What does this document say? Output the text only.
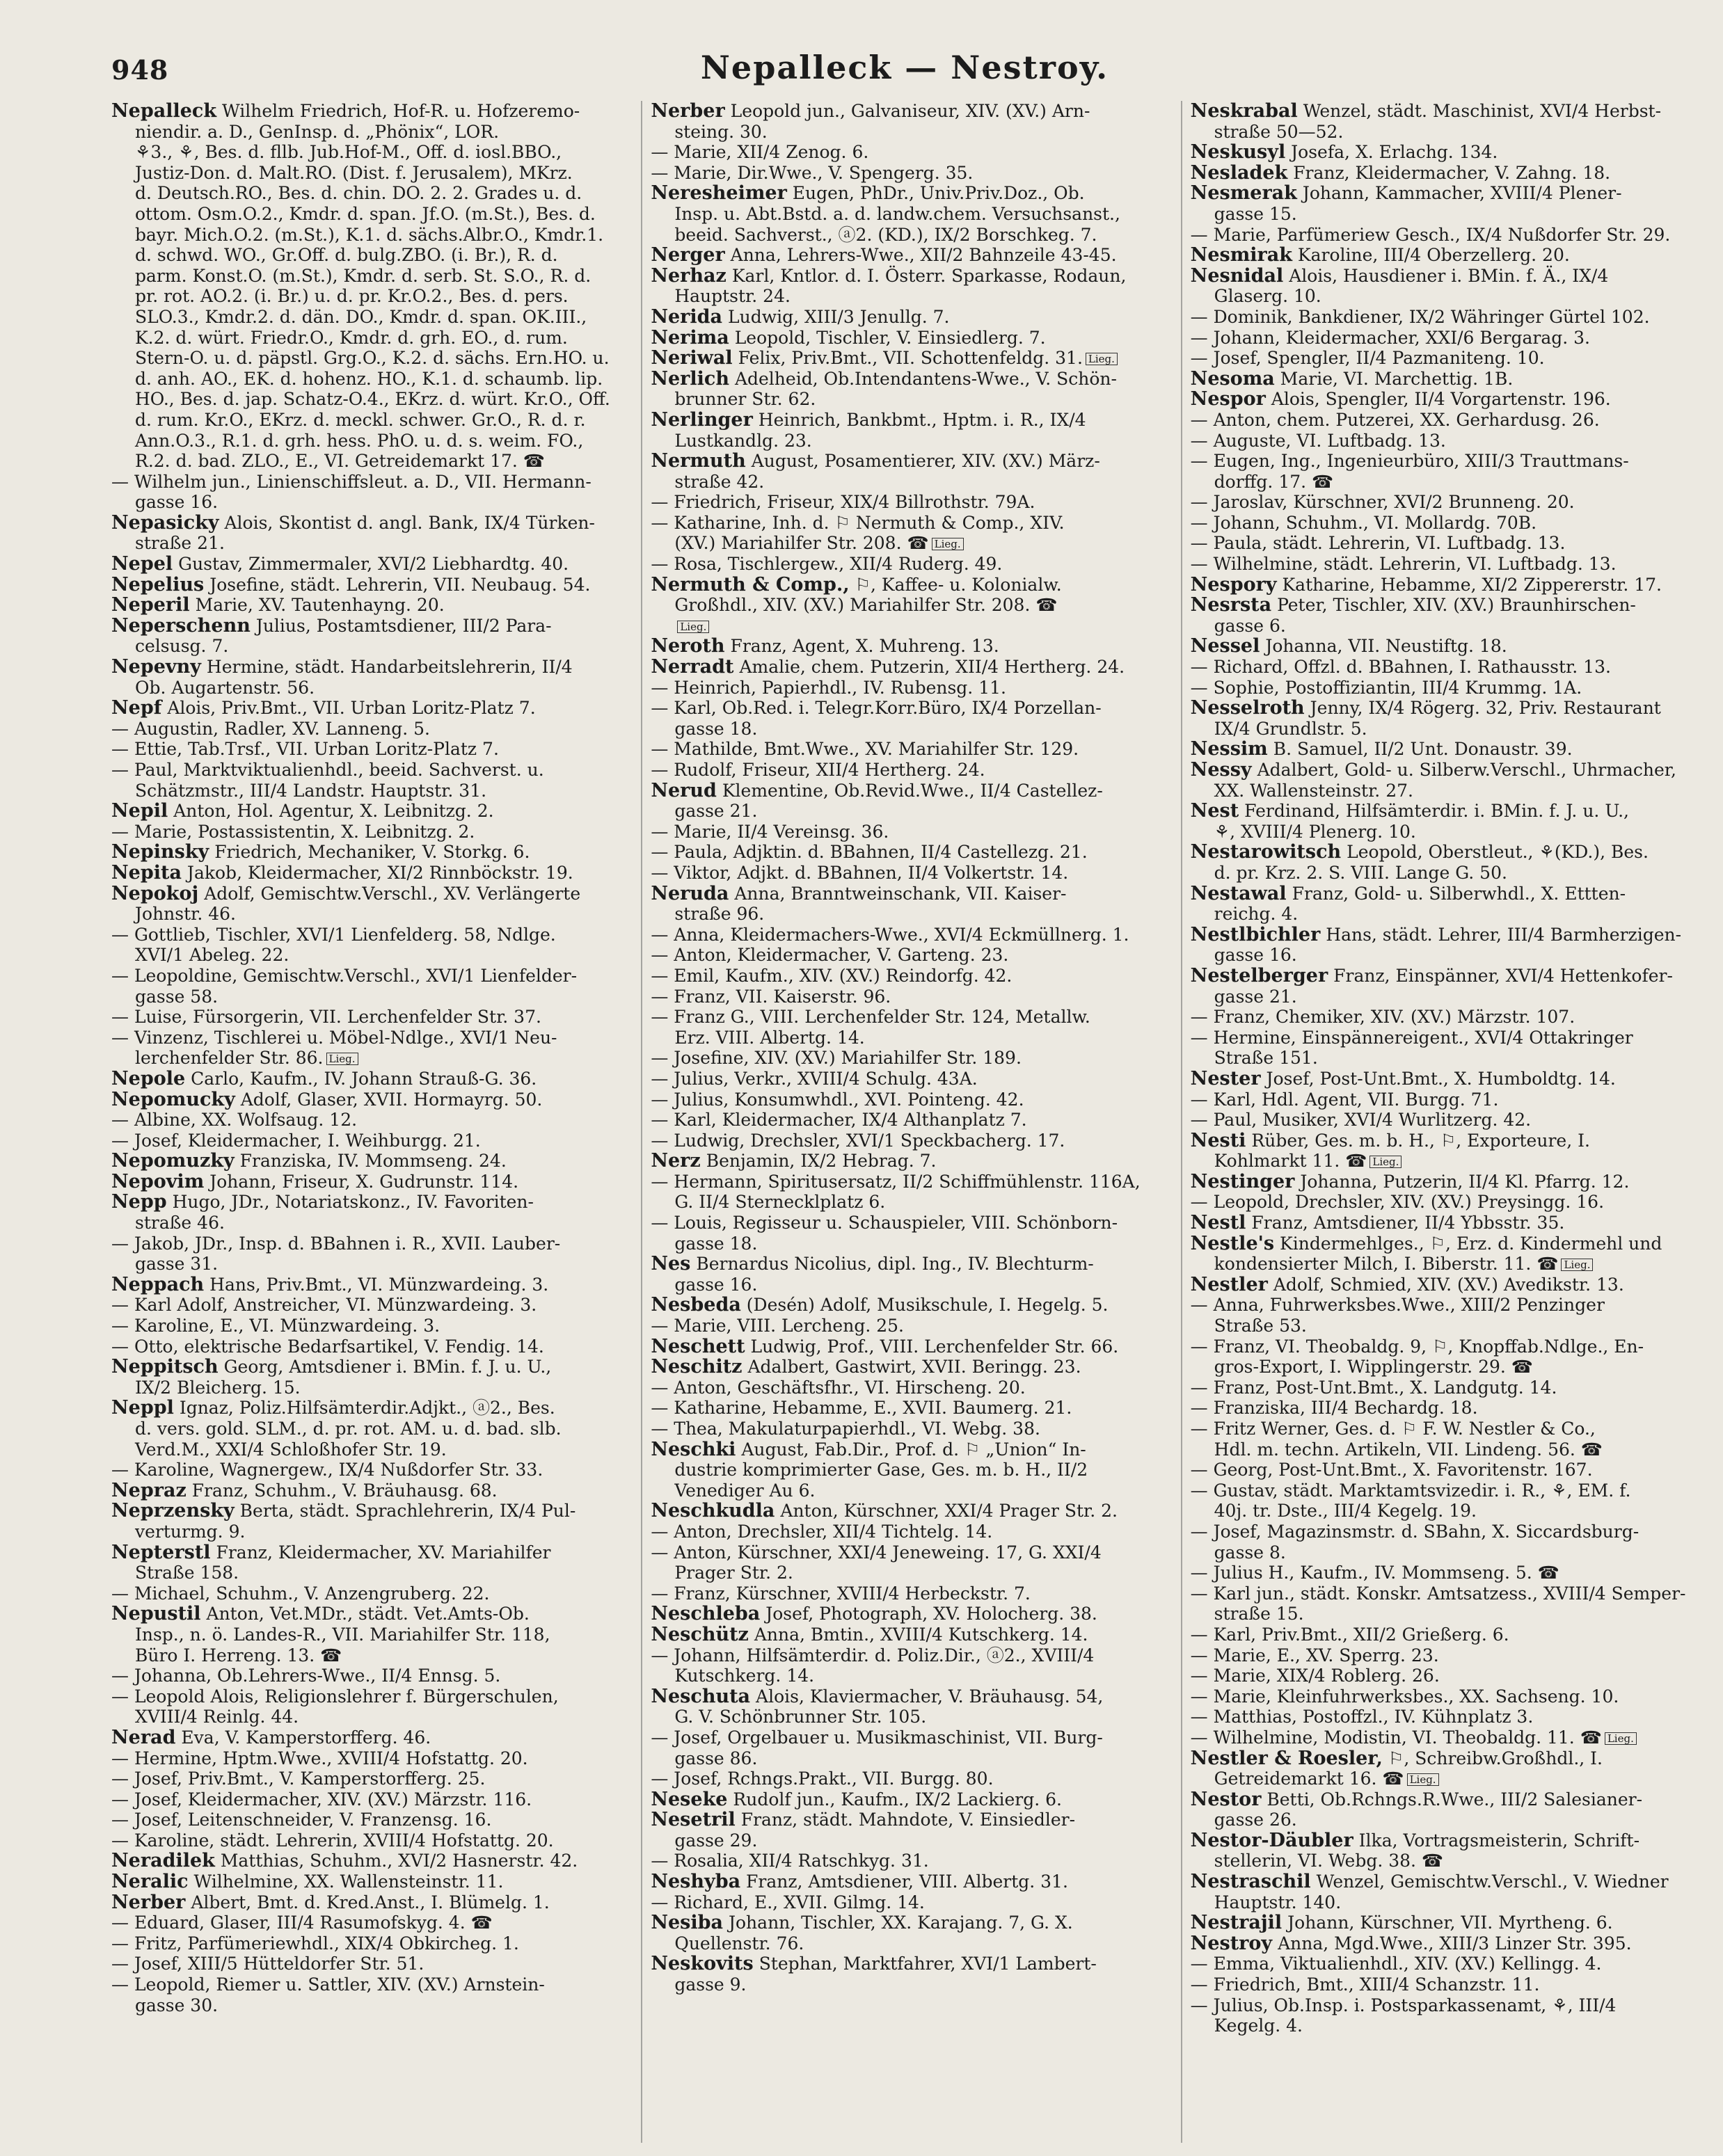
948	Nepalleck — Nestroy.

Nepalleck Wilhelm Friedrich, Hof-R. u. Hofzeremo-

niendir. a. D., GenInsp. d. „Phönix“, LOR.

⚘3., ⚘, Bes. d. fllb. Jub.Hof-M., Off. d. iosl.BBO.,

Justiz-Don. d. Malt.RO. (Dist. f. Jerusalem), MKrz.

d. Deutsch.RO., Bes. d. chin. DO. 2. 2. Grades u. d.

ottom. Osm.O.2., Kmdr. d. span. Jf.O. (m.St.), Bes. d.

bayr. Mich.O.2. (m.St.), K.1. d. sächs.Albr.O., Kmdr.1.

d. schwd. WO., Gr.Off. d. bulg.ZBO. (i. Br.), R. d.

parm. Konst.O. (m.St.), Kmdr. d. serb. St. S.O., R. d.

pr. rot. AO.2. (i. Br.) u. d. pr. Kr.O.2., Bes. d. pers.

SLO.3., Kmdr.2. d. dän. DO., Kmdr. d. span. OK.III.,

K.2. d. würt. Friedr.O., Kmdr. d. grh. EO., d. rum.

Stern-O. u. d. päpstl. Grg.O., K.2. d. sächs. Ern.HO. u.

d. anh. AO., EK. d. hohenz. HO., K.1. d. schaumb. lip.

HO., Bes. d. jap. Schatz-O.4., EKrz. d. würt. Kr.O., Off.

d. rum. Kr.O., EKrz. d. meckl. schwer. Gr.O., R. d. r.

Ann.O.3., R.1. d. grh. hess. PhO. u. d. s. weim. FO.,

R.2. d. bad. ZLO., E., VI. Getreidemarkt 17. ☎

— Wilhelm jun., Linienschiffsleut. a. D., VII. Hermann-

gasse 16.

Nepasicky Alois, Skontist d. angl. Bank, IX/4 Türken-

straße 21.

Nepel Gustav, Zimmermaler, XVI/2 Liebhardtg. 40.

Nepelius Josefine, städt. Lehrerin, VII. Neubaug. 54.

Neperil Marie, XV. Tautenhayng. 20.

Neperschenn Julius, Postamtsdiener, III/2 Para-

celsusg. 7.

Nepevny Hermine, städt. Handarbeitslehrerin, II/4

Ob. Augartenstr. 56.

Nepf Alois, Priv.Bmt., VII. Urban Loritz-Platz 7.

— Augustin, Radler, XV. Lanneng. 5.

— Ettie, Tab.Trsf., VII. Urban Loritz-Platz 7.

— Paul, Marktviktualienhdl., beeid. Sachverst. u.

Schätzmstr., III/4 Landstr. Hauptstr. 31.

Nepil Anton, Hol. Agentur, X. Leibnitzg. 2.

— Marie, Postassistentin, X. Leibnitzg. 2.

Nepinsky Friedrich, Mechaniker, V. Storkg. 6.

Nepita Jakob, Kleidermacher, XI/2 Rinnböckstr. 19.

Nepokoj Adolf, Gemischtw.Verschl., XV. Verlängerte

Johnstr. 46.

— Gottlieb, Tischler, XVI/1 Lienfelderg. 58, Ndlge.

XVI/1 Abeleg. 22.

— Leopoldine, Gemischtw.Verschl., XVI/1 Lienfelder-

gasse 58.

— Luise, Fürsorgerin, VII. Lerchenfelder Str. 37.

— Vinzenz, Tischlerei u. Möbel-Ndlge., XVI/1 Neu-

lerchenfelder Str. 86. Lieg.

Nepole Carlo, Kaufm., IV. Johann Strauß-G. 36.

Nepomucky Adolf, Glaser, XVII. Hormayrg. 50.

— Albine, XX. Wolfsaug. 12.

— Josef, Kleidermacher, I. Weihburgg. 21.

Nepomuzky Franziska, IV. Mommseng. 24.

Nepovim Johann, Friseur, X. Gudrunstr. 114.

Nepp Hugo, JDr., Notariatskonz., IV. Favoriten-

straße 46.

— Jakob, JDr., Insp. d. BBahnen i. R., XVII. Lauber-

gasse 31.

Neppach Hans, Priv.Bmt., VI. Münzwardeing. 3.

— Karl Adolf, Anstreicher, VI. Münzwardeing. 3.

— Karoline, E., VI. Münzwardeing. 3.

— Otto, elektrische Bedarfsartikel, V. Fendig. 14.

Neppitsch Georg, Amtsdiener i. BMin. f. J. u. U.,

IX/2 Bleicherg. 15.

Neppl Ignaz, Poliz.Hilfsämterdir.Adjkt., ⓐ2., Bes.

d. vers. gold. SLM., d. pr. rot. AM. u. d. bad. slb.

Verd.M., XXI/4 Schloßhofer Str. 19.

— Karoline, Wagnergew., IX/4 Nußdorfer Str. 33.

Nepraz Franz, Schuhm., V. Bräuhausg. 68.

Neprzensky Berta, städt. Sprachlehrerin, IX/4 Pul-

verturmg. 9.

Nepterstl Franz, Kleidermacher, XV. Mariahilfer

Straße 158.

— Michael, Schuhm., V. Anzengruberg. 22.

Nepustil Anton, Vet.MDr., städt. Vet.Amts-Ob.

Insp., n. ö. Landes-R., VII. Mariahilfer Str. 118,

Büro I. Herreng. 13. ☎

— Johanna, Ob.Lehrers-Wwe., II/4 Ennsg. 5.

— Leopold Alois, Religionslehrer f. Bürgerschulen,

XVIII/4 Reinlg. 44.

Nerad Eva, V. Kamperstorfferg. 46.

— Hermine, Hptm.Wwe., XVIII/4 Hofstattg. 20.

— Josef, Priv.Bmt., V. Kamperstorfferg. 25.

— Josef, Kleidermacher, XIV. (XV.) Märzstr. 116.

— Josef, Leitenschneider, V. Franzensg. 16.

— Karoline, städt. Lehrerin, XVIII/4 Hofstattg. 20.

Neradilek Matthias, Schuhm., XVI/2 Hasnerstr. 42.

Neralic Wilhelmine, XX. Wallensteinstr. 11.

Nerber Albert, Bmt. d. Kred.Anst., I. Blümelg. 1.

— Eduard, Glaser, III/4 Rasumofskyg. 4. ☎

— Fritz, Parfümeriewhdl., XIX/4 Obkircheg. 1.

— Josef, XIII/5 Hütteldorfer Str. 51.

— Leopold, Riemer u. Sattler, XIV. (XV.) Arnstein-

gasse 30.

Nerber Leopold jun., Galvaniseur, XIV. (XV.) Arn-

steing. 30.

— Marie, XII/4 Zenog. 6.

— Marie, Dir.Wwe., V. Spengerg. 35.

Neresheimer Eugen, PhDr., Univ.Priv.Doz., Ob.

Insp. u. Abt.Bstd. a. d. landw.chem. Versuchsanst.,

beeid. Sachverst., ⓐ2. (KD.), IX/2 Borschkeg. 7.

Nerger Anna, Lehrers-Wwe., XII/2 Bahnzeile 43-45.

Nerhaz Karl, Kntlor. d. I. Österr. Sparkasse, Rodaun,

Hauptstr. 24.

Nerida Ludwig, XIII/3 Jenullg. 7.

Nerima Leopold, Tischler, V. Einsiedlerg. 7.

Neriwal Felix, Priv.Bmt., VII. Schottenfeldg. 31. Lieg.

Nerlich Adelheid, Ob.Intendantens-Wwe., V. Schön-

brunner Str. 62.

Nerlinger Heinrich, Bankbmt., Hptm. i. R., IX/4

Lustkandlg. 23.

Nermuth August, Posamentierer, XIV. (XV.) März-

straße 42.

— Friedrich, Friseur, XIX/4 Billrothstr. 79A.

— Katharine, Inh. d. ⚐ Nermuth & Comp., XIV.

(XV.) Mariahilfer Str. 208. ☎ Lieg.

— Rosa, Tischlergew., XII/4 Ruderg. 49.

Nermuth & Comp., ⚐, Kaffee- u. Kolonialw.

Großhdl., XIV. (XV.) Mariahilfer Str. 208. ☎

Lieg.

Neroth Franz, Agent, X. Muhreng. 13.

Nerradt Amalie, chem. Putzerin, XII/4 Hertherg. 24.

— Heinrich, Papierhdl., IV. Rubensg. 11.

— Karl, Ob.Red. i. Telegr.Korr.Büro, IX/4 Porzellan-

gasse 18.

— Mathilde, Bmt.Wwe., XV. Mariahilfer Str. 129.

— Rudolf, Friseur, XII/4 Hertherg. 24.

Nerud Klementine, Ob.Revid.Wwe., II/4 Castellez-

gasse 21.

— Marie, II/4 Vereinsg. 36.

— Paula, Adjktin. d. BBahnen, II/4 Castellezg. 21.

— Viktor, Adjkt. d. BBahnen, II/4 Volkertstr. 14.

Neruda Anna, Branntweinschank, VII. Kaiser-

straße 96.

— Anna, Kleidermachers-Wwe., XVI/4 Eckmüllnerg. 1.

— Anton, Kleidermacher, V. Garteng. 23.

— Emil, Kaufm., XIV. (XV.) Reindorfg. 42.

— Franz, VII. Kaiserstr. 96.

— Franz G., VIII. Lerchenfelder Str. 124, Metallw.

Erz. VIII. Albertg. 14.

— Josefine, XIV. (XV.) Mariahilfer Str. 189.

— Julius, Verkr., XVIII/4 Schulg. 43A.

— Julius, Konsumwhdl., XVI. Pointeng. 42.

— Karl, Kleidermacher, IX/4 Althanplatz 7.

— Ludwig, Drechsler, XVI/1 Speckbacherg. 17.

Nerz Benjamin, IX/2 Hebrag. 7.

— Hermann, Spiritusersatz, II/2 Schiffmühlenstr. 116A,

G. II/4 Sternecklplatz 6.

— Louis, Regisseur u. Schauspieler, VIII. Schönborn-

gasse 18.

Nes Bernardus Nicolius, dipl. Ing., IV. Blechturm-

gasse 16.

Nesbeda (Desén) Adolf, Musikschule, I. Hegelg. 5.

— Marie, VIII. Lercheng. 25.

Neschett Ludwig, Prof., VIII. Lerchenfelder Str. 66.

Neschitz Adalbert, Gastwirt, XVII. Beringg. 23.

— Anton, Geschäftsfhr., VI. Hirscheng. 20.

— Katharine, Hebamme, E., XVII. Baumerg. 21.

— Thea, Makulaturpapierhdl., VI. Webg. 38.

Neschki August, Fab.Dir., Prof. d. ⚐ „Union“ In-

dustrie komprimierter Gase, Ges. m. b. H., II/2

Venediger Au 6.

Neschkudla Anton, Kürschner, XXI/4 Prager Str. 2.

— Anton, Drechsler, XII/4 Tichtelg. 14.

— Anton, Kürschner, XXI/4 Jeneweing. 17, G. XXI/4

Prager Str. 2.

— Franz, Kürschner, XVIII/4 Herbeckstr. 7.

Neschleba Josef, Photograph, XV. Holocherg. 38.

Neschütz Anna, Bmtin., XVIII/4 Kutschkerg. 14.

— Johann, Hilfsämterdir. d. Poliz.Dir., ⓐ2., XVIII/4

Kutschkerg. 14.

Neschuta Alois, Klaviermacher, V. Bräuhausg. 54,

G. V. Schönbrunner Str. 105.

— Josef, Orgelbauer u. Musikmaschinist, VII. Burg-

gasse 86.

— Josef, Rchngs.Prakt., VII. Burgg. 80.

Neseke Rudolf jun., Kaufm., IX/2 Lackierg. 6.

Nesetril Franz, städt. Mahndote, V. Einsiedler-

gasse 29.

— Rosalia, XII/4 Ratschkyg. 31.

Neshyba Franz, Amtsdiener, VIII. Albertg. 31.

— Richard, E., XVII. Gilmg. 14.

Nesiba Johann, Tischler, XX. Karajang. 7, G. X.

Quellenstr. 76.

Neskovits Stephan, Marktfahrer, XVI/1 Lambert-

gasse 9.

Neskrabal Wenzel, städt. Maschinist, XVI/4 Herbst-

straße 50—52.

Neskusyl Josefa, X. Erlachg. 134.

Nesladek Franz, Kleidermacher, V. Zahng. 18.

Nesmerak Johann, Kammacher, XVIII/4 Plener-

gasse 15.

— Marie, Parfümeriew Gesch., IX/4 Nußdorfer Str. 29.

Nesmirak Karoline, III/4 Oberzellerg. 20.

Nesnidal Alois, Hausdiener i. BMin. f. Ä., IX/4

Glaserg. 10.

— Dominik, Bankdiener, IX/2 Währinger Gürtel 102.

— Johann, Kleidermacher, XXI/6 Bergarag. 3.

— Josef, Spengler, II/4 Pazmaniteng. 10.

Nesoma Marie, VI. Marchettig. 1B.

Nespor Alois, Spengler, II/4 Vorgartenstr. 196.

— Anton, chem. Putzerei, XX. Gerhardusg. 26.

— Auguste, VI. Luftbadg. 13.

— Eugen, Ing., Ingenieurbüro, XIII/3 Trauttmans-

dorffg. 17. ☎

— Jaroslav, Kürschner, XVI/2 Brunneng. 20.

— Johann, Schuhm., VI. Mollardg. 70B.

— Paula, städt. Lehrerin, VI. Luftbadg. 13.

— Wilhelmine, städt. Lehrerin, VI. Luftbadg. 13.

Nespory Katharine, Hebamme, XI/2 Zippererstr. 17.

Nesrsta Peter, Tischler, XIV. (XV.) Braunhirschen-

gasse 6.

Nessel Johanna, VII. Neustiftg. 18.

— Richard, Offzl. d. BBahnen, I. Rathausstr. 13.

— Sophie, Postoffiziantin, III/4 Krummg. 1A.

Nesselroth Jenny, IX/4 Rögerg. 32, Priv. Restaurant

IX/4 Grundlstr. 5.

Nessim B. Samuel, II/2 Unt. Donaustr. 39.

Nessy Adalbert, Gold- u. Silberw.Verschl., Uhrmacher,

XX. Wallensteinstr. 27.

Nest Ferdinand, Hilfsämterdir. i. BMin. f. J. u. U.,

⚘, XVIII/4 Plenerg. 10.

Nestarowitsch Leopold, Oberstleut., ⚘(KD.), Bes.

d. pr. Krz. 2. S. VIII. Lange G. 50.

Nestawal Franz, Gold- u. Silberwhdl., X. Ettten-

reichg. 4.

Nestlbichler Hans, städt. Lehrer, III/4 Barmherzigen-

gasse 16.

Nestelberger Franz, Einspänner, XVI/4 Hettenkofer-

gasse 21.

— Franz, Chemiker, XIV. (XV.) Märzstr. 107.

— Hermine, Einspännereigent., XVI/4 Ottakringer

Straße 151.

Nester Josef, Post-Unt.Bmt., X. Humboldtg. 14.

— Karl, Hdl. Agent, VII. Burgg. 71.

— Paul, Musiker, XVI/4 Wurlitzerg. 42.

Nesti Rüber, Ges. m. b. H., ⚐, Exporteure, I.

Kohlmarkt 11. ☎ Lieg.

Nestinger Johanna, Putzerin, II/4 Kl. Pfarrg. 12.

— Leopold, Drechsler, XIV. (XV.) Preysingg. 16.

Nestl Franz, Amtsdiener, II/4 Ybbsstr. 35.

Nestle's Kindermehlges., ⚐, Erz. d. Kindermehl und

kondensierter Milch, I. Biberstr. 11. ☎ Lieg.

Nestler Adolf, Schmied, XIV. (XV.) Avedikstr. 13.

— Anna, Fuhrwerksbes.Wwe., XIII/2 Penzinger

Straße 53.

— Franz, VI. Theobaldg. 9, ⚐, Knopffab.Ndlge., En-

gros-Export, I. Wipplingerstr. 29. ☎

— Franz, Post-Unt.Bmt., X. Landgutg. 14.

— Franziska, III/4 Bechardg. 18.

— Fritz Werner, Ges. d. ⚐ F. W. Nestler & Co.,

Hdl. m. techn. Artikeln, VII. Lindeng. 56. ☎

— Georg, Post-Unt.Bmt., X. Favoritenstr. 167.

— Gustav, städt. Marktamtsvizedir. i. R., ⚘, EM. f.

40j. tr. Dste., III/4 Kegelg. 19.

— Josef, Magazinsmstr. d. SBahn, X. Siccardsburg-

gasse 8.

— Julius H., Kaufm., IV. Mommseng. 5. ☎

— Karl jun., städt. Konskr. Amtsatzess., XVIII/4 Semper-

straße 15.

— Karl, Priv.Bmt., XII/2 Grießerg. 6.

— Marie, E., XV. Sperrg. 23.

— Marie, XIX/4 Roblerg. 26.

— Marie, Kleinfuhrwerksbes., XX. Sachseng. 10.

— Matthias, Postoffzl., IV. Kühnplatz 3.

— Wilhelmine, Modistin, VI. Theobaldg. 11. ☎ Lieg.

Nestler & Roesler, ⚐, Schreibw.Großhdl., I.

Getreidemarkt 16. ☎ Lieg.

Nestor Betti, Ob.Rchngs.R.Wwe., III/2 Salesianer-

gasse 26.

Nestor-Däubler Ilka, Vortragsmeisterin, Schrift-

stellerin, VI. Webg. 38. ☎

Nestraschil Wenzel, Gemischtw.Verschl., V. Wiedner

Hauptstr. 140.

Nestrajil Johann, Kürschner, VII. Myrtheng. 6.

Nestroy Anna, Mgd.Wwe., XIII/3 Linzer Str. 395.

— Emma, Viktualienhdl., XIV. (XV.) Kellingg. 4.

— Friedrich, Bmt., XIII/4 Schanzstr. 11.

— Julius, Ob.Insp. i. Postsparkassenamt, ⚘, III/4

Kegelg. 4.
